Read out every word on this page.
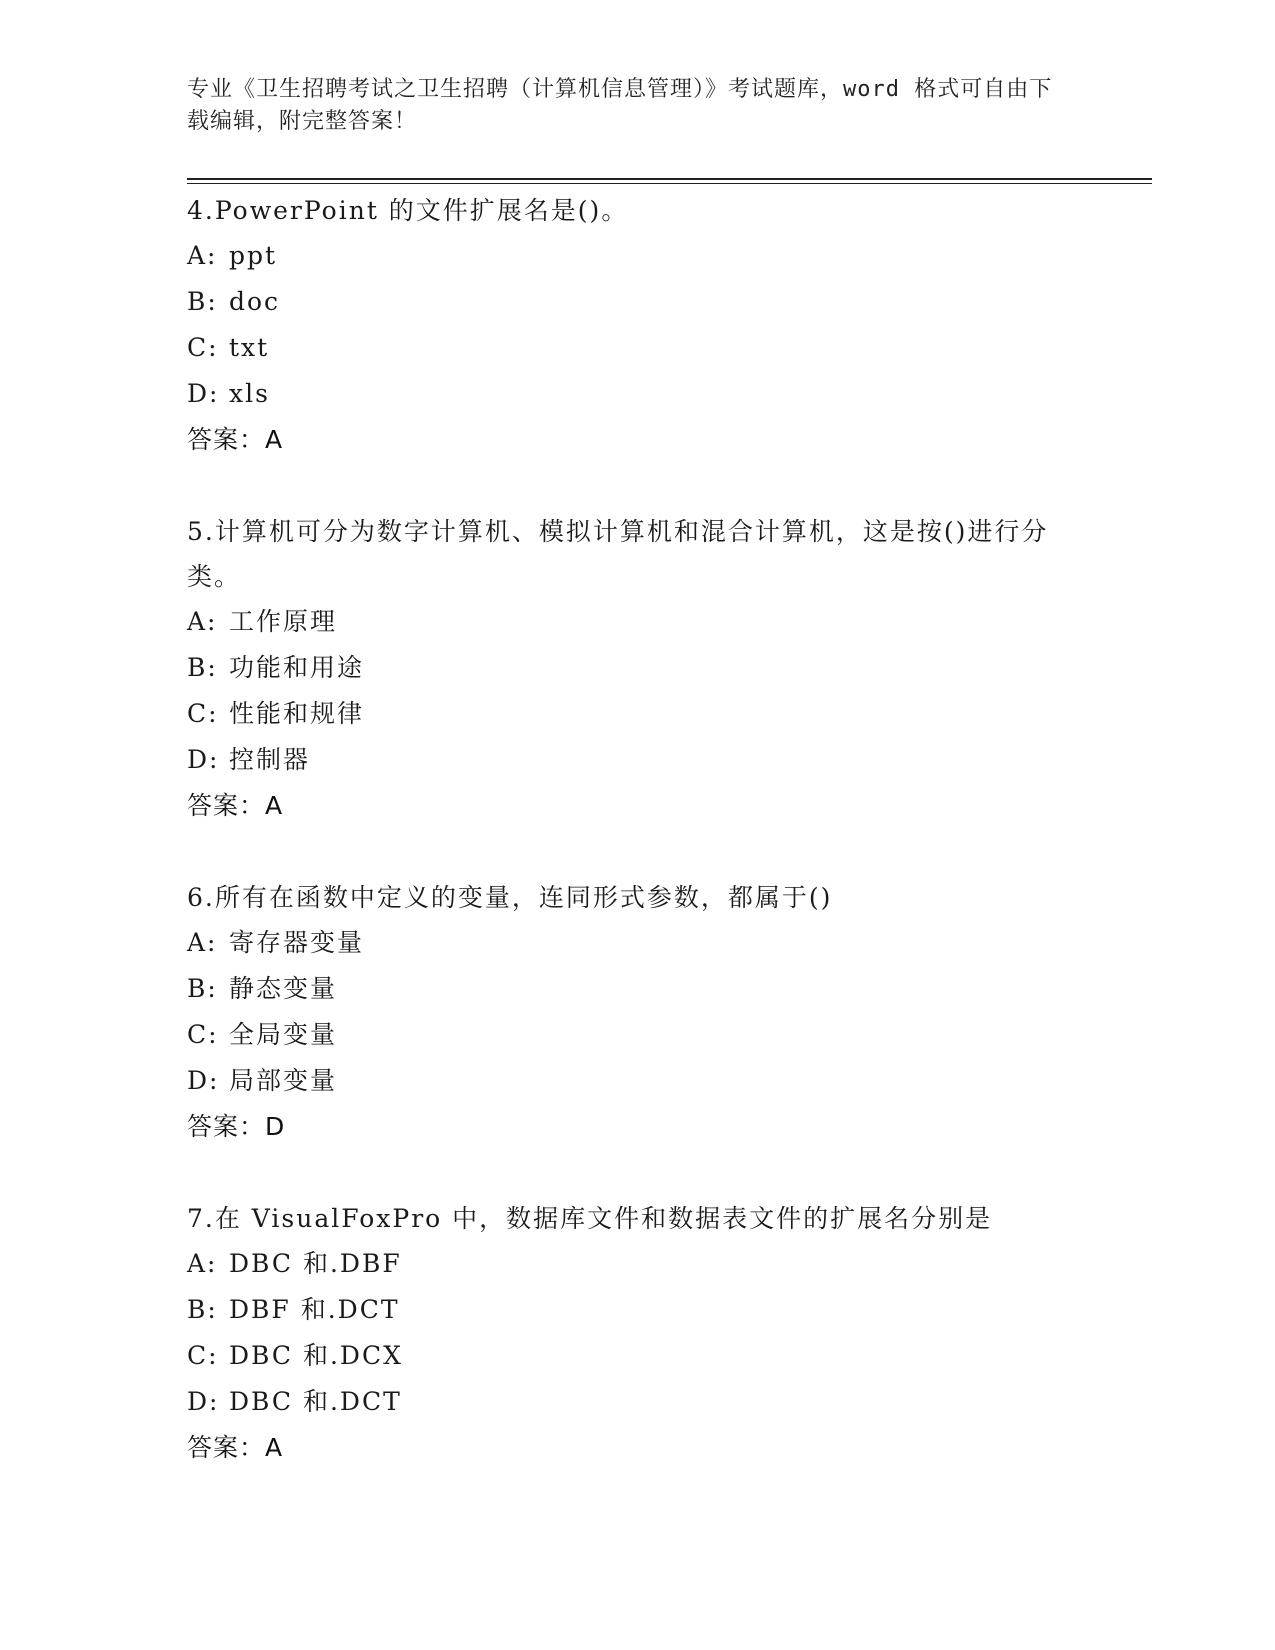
专业《卫生招聘考试之卫生招聘（计算机信息管理）》考试题库，word 格式可自由下载编辑，附完整答案！

4.PowerPoint 的文件扩展名是()。

A: ppt

B: doc

C: txt

D: xls

答案：A

5.计算机可分为数字计算机、模拟计算机和混合计算机，这是按()进行分类。

A: 工作原理

B: 功能和用途

C: 性能和规律

D: 控制器

答案：A

6.所有在函数中定义的变量，连同形式参数，都属于()

A: 寄存器变量

B: 静态变量

C: 全局变量

D: 局部变量

答案：D

7.在 VisualFoxPro 中，数据库文件和数据表文件的扩展名分别是

A: DBC 和.DBF

B: DBF 和.DCT

C: DBC 和.DCX

D: DBC 和.DCT

答案：A
